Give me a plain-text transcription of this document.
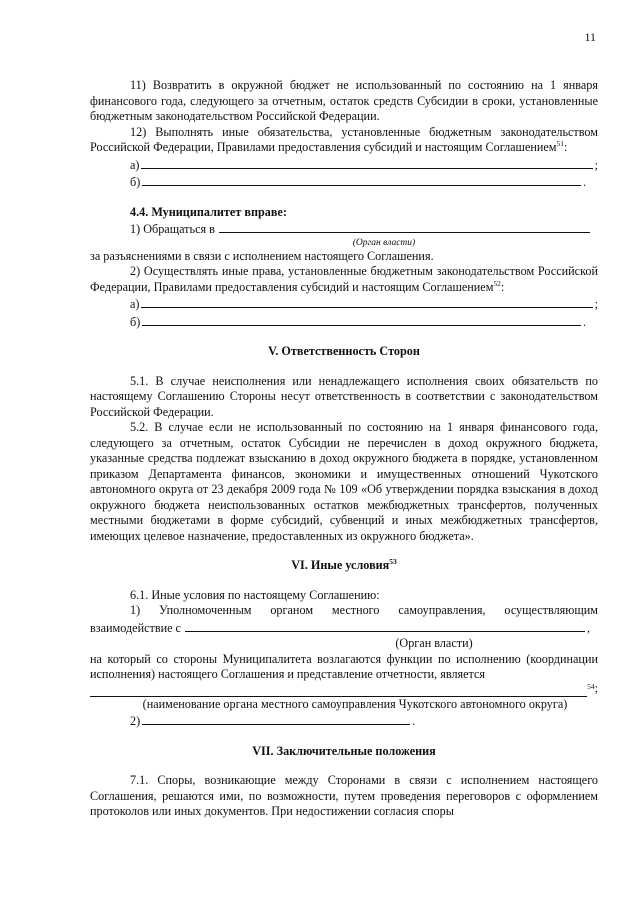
11

11) Возвратить в окружной бюджет не использованный по состоянию на 1 января финансового года, следующего за отчетным, остаток средств Субсидии в сроки, установленные бюджетным законодательством Российской Федерации.

12) Выполнять иные обязательства, установленные бюджетным законодательством Российской Федерации, Правилами предоставления субсидий и настоящим Соглашением$^{51}$:

а)	;
б)	.

4.4. Муниципалитет вправе:

1) Обращаться в
(Орган власти)

за разъяснениями в связи с исполнением настоящего Соглашения.

2) Осуществлять иные права, установленные бюджетным законодательством Российской Федерации, Правилами предоставления субсидий и настоящим Соглашением$^{52}$:

а)	;
б)	.

V. Ответственность Сторон

5.1. В случае неисполнения или ненадлежащего исполнения своих обязательств по настоящему Соглашению Стороны несут ответственность в соответствии с законодательством Российской Федерации.

5.2. В случае если не использованный по состоянию на 1 января финансового года, следующего за отчетным, остаток Субсидии не перечислен в доход окружного бюджета, указанные средства подлежат взысканию в доход окружного бюджета в порядке, установленном приказом Департамента финансов, экономики и имущественных отношений Чукотского автономного округа от 23 декабря 2009 года № 109 «Об утверждении порядка взыскания в доход окружного бюджета неиспользованных остатков межбюджетных трансфертов, полученных местными бюджетами в форме субсидий, субвенций и иных межбюджетных трансфертов, имеющих целевое назначение, предоставленных из окружного бюджета».

VI. Иные условия$^{53}$

6.1. Иные условия по настоящему Соглашению:

1) Уполномоченным органом местного самоуправления, осуществляющим

взаимодействие с	,
(Орган власти)

на который со стороны Муниципалитета возлагаются функции по исполнению (координации исполнения) настоящего Соглашения и представление отчетности, является

$^{54}$ ;
(наименование органа местного самоуправления Чукотского автономного округа)
2)	.

VII. Заключительные положения

7.1. Споры, возникающие между Сторонами в связи с исполнением настоящего Соглашения, решаются ими, по возможности, путем проведения переговоров с оформлением протоколов или иных документов. При недостижении согласия споры
